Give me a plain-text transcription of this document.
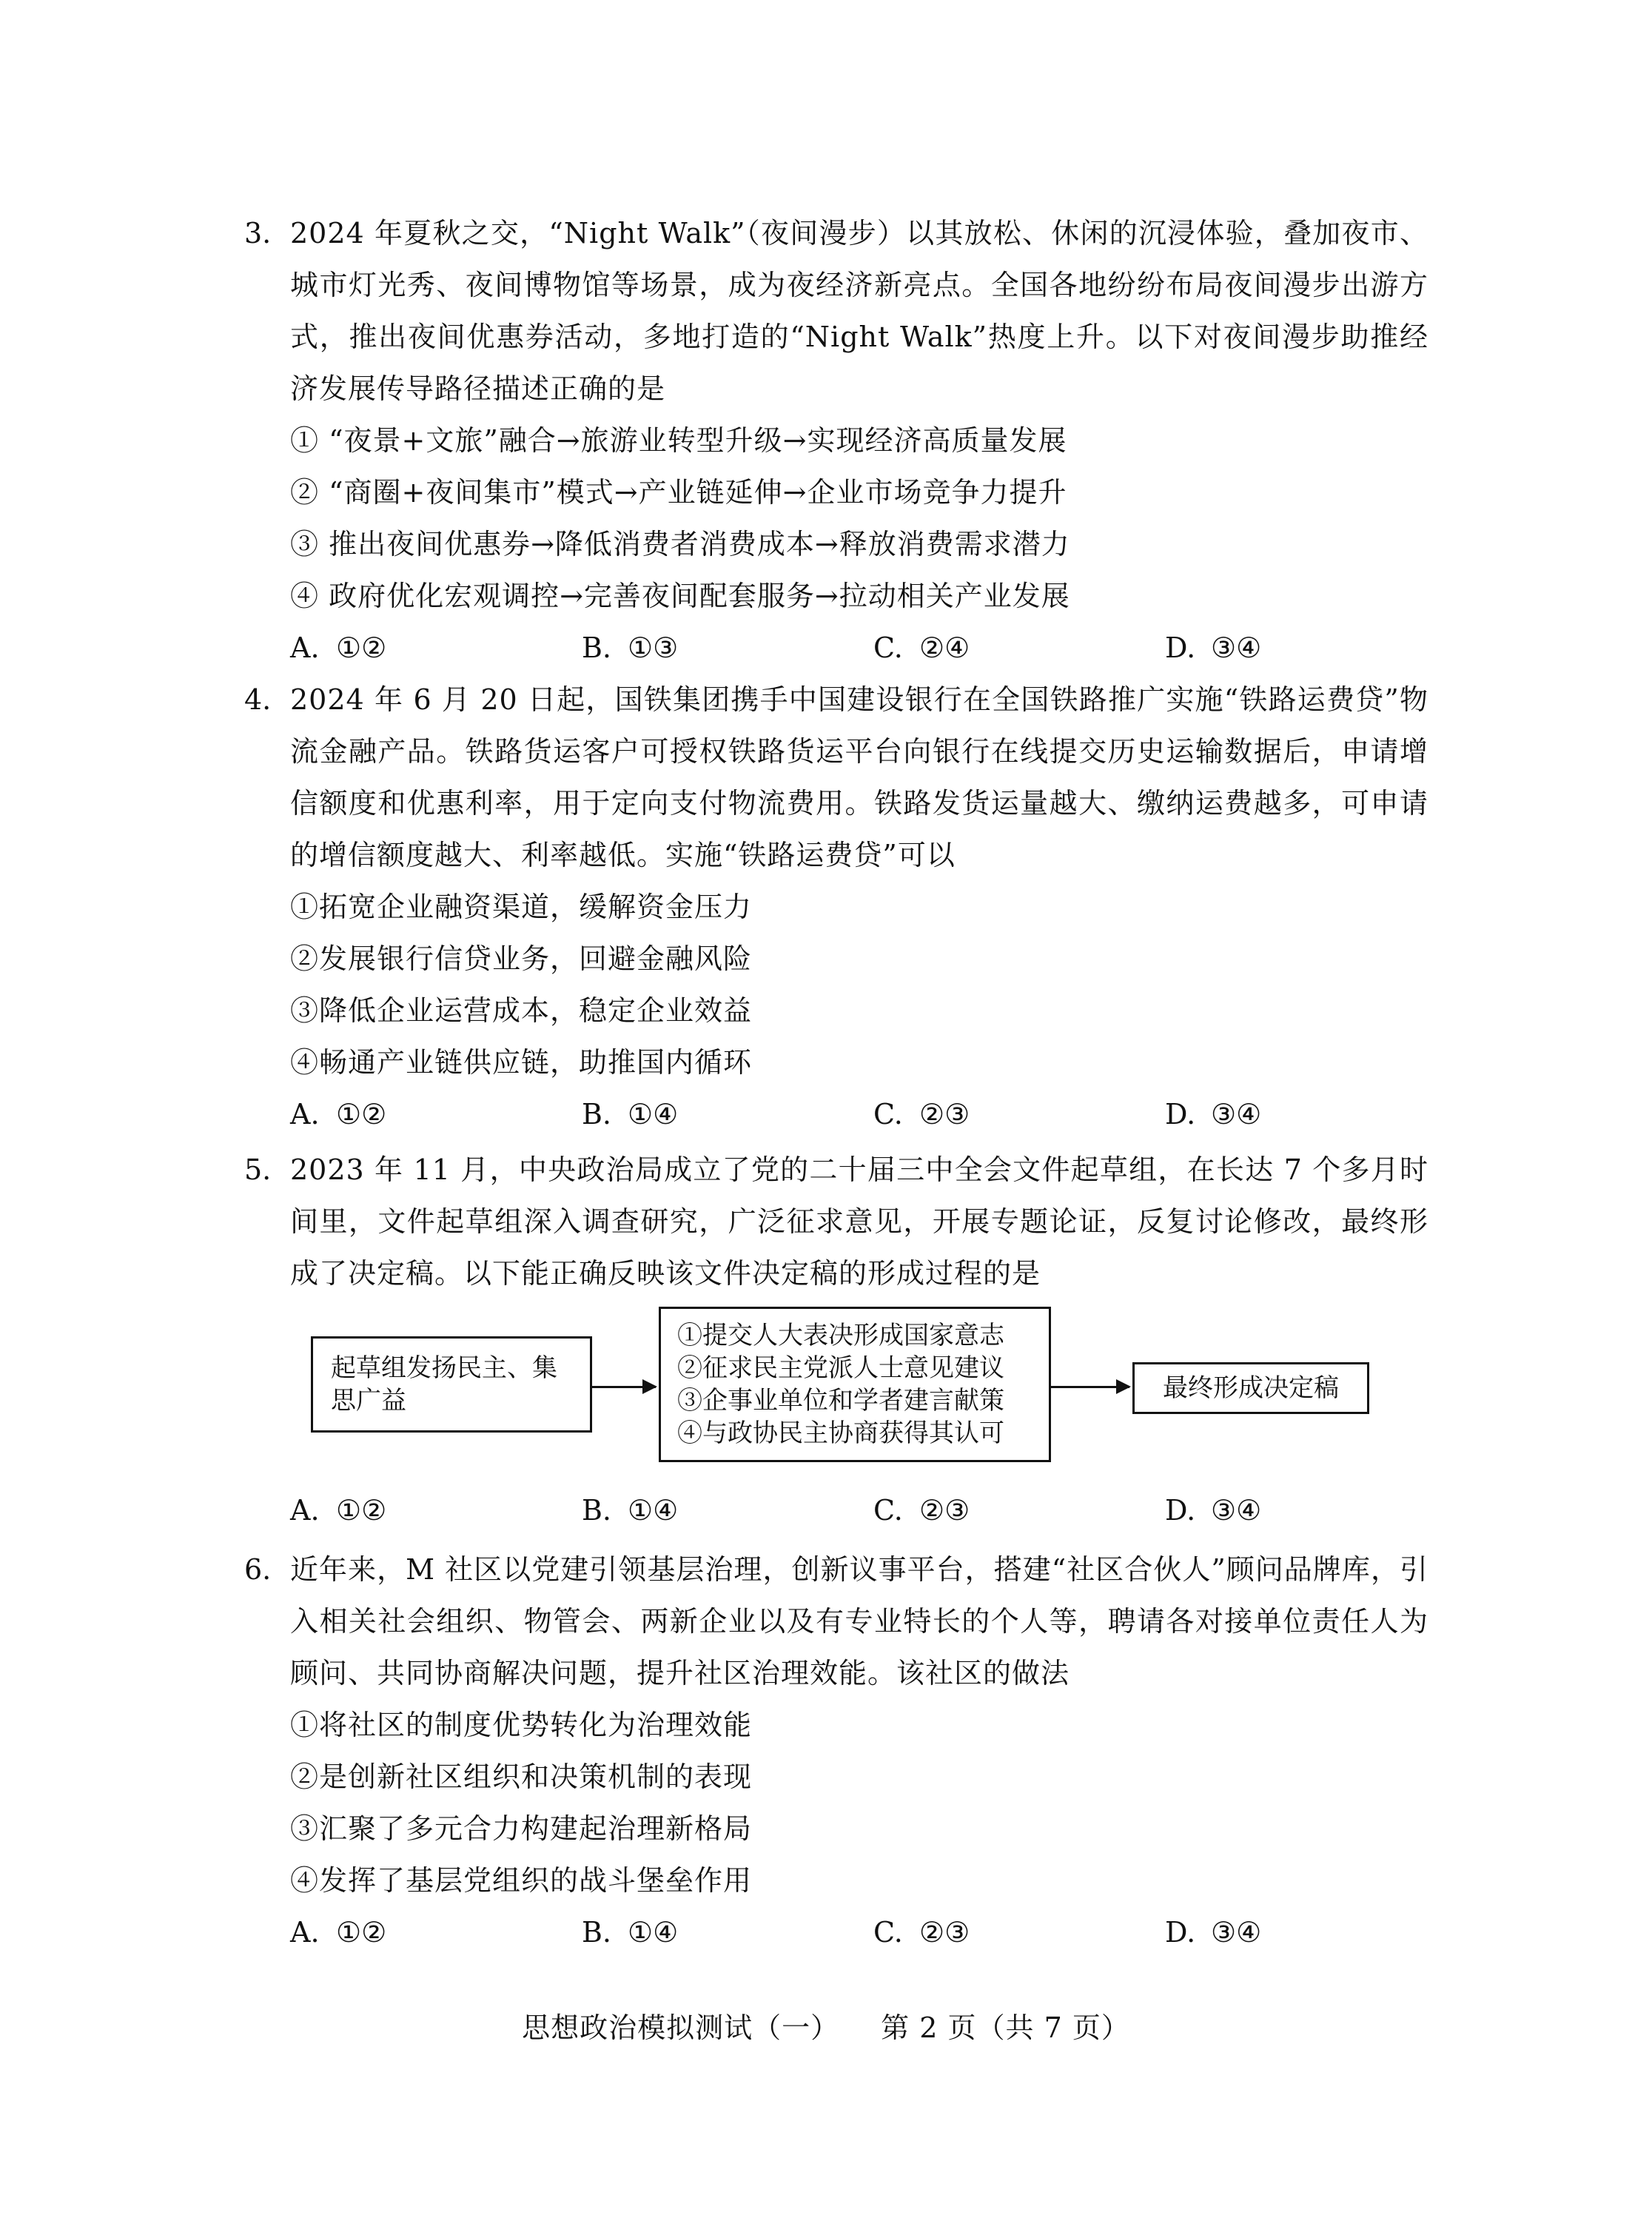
3. 2024 年夏秋之交，“Night Walk”（夜间漫步）以其放松、休闲的沉浸体验，叠加夜市、城市灯光秀、夜间博物馆等场景，成为夜经济新亮点。全国各地纷纷布局夜间漫步出游方式，推出夜间优惠券活动，多地打造的“Night Walk”热度上升。以下对夜间漫步助推经济发展传导路径描述正确的是
① “夜景+文旅”融合→旅游业转型升级→实现经济高质量发展
② “商圈+夜间集市”模式→产业链延伸→企业市场竞争力提升
③ 推出夜间优惠券→降低消费者消费成本→释放消费需求潜力
④ 政府优化宏观调控→完善夜间配套服务→拉动相关产业发展
A. ①②	B. ①③	C. ②④	D. ③④
4. 2024 年 6 月 20 日起，国铁集团携手中国建设银行在全国铁路推广实施“铁路运费贷”物流金融产品。铁路货运客户可授权铁路货运平台向银行在线提交历史运输数据后，申请增信额度和优惠利率，用于定向支付物流费用。铁路发货运量越大、缴纳运费越多，可申请的增信额度越大、利率越低。实施“铁路运费贷”可以
①拓宽企业融资渠道，缓解资金压力
②发展银行信贷业务，回避金融风险
③降低企业运营成本，稳定企业效益
④畅通产业链供应链，助推国内循环
A. ①②	B. ①④	C. ②③	D. ③④
5. 2023 年 11 月，中央政治局成立了党的二十届三中全会文件起草组，在长达 7 个多月时间里，文件起草组深入调查研究，广泛征求意见，开展专题论证，反复讨论修改，最终形成了决定稿。以下能正确反映该文件决定稿的形成过程的是
起草组发扬民主、集思广益
①提交人大表决形成国家意志
②征求民主党派人士意见建议
③企事业单位和学者建言献策
④与政协民主协商获得其认可
最终形成决定稿
A. ①②	B. ①④	C. ②③	D. ③④
6. 近年来，M 社区以党建引领基层治理，创新议事平台，搭建“社区合伙人”顾问品牌库，引入相关社会组织、物管会、两新企业以及有专业特长的个人等，聘请各对接单位责任人为顾问、共同协商解决问题，提升社区治理效能。该社区的做法
①将社区的制度优势转化为治理效能
②是创新社区组织和决策机制的表现
③汇聚了多元合力构建起治理新格局
④发挥了基层党组织的战斗堡垒作用
A. ①②	B. ①④	C. ②③	D. ③④
思想政治模拟测试（一） 第 2 页（共 7 页）
